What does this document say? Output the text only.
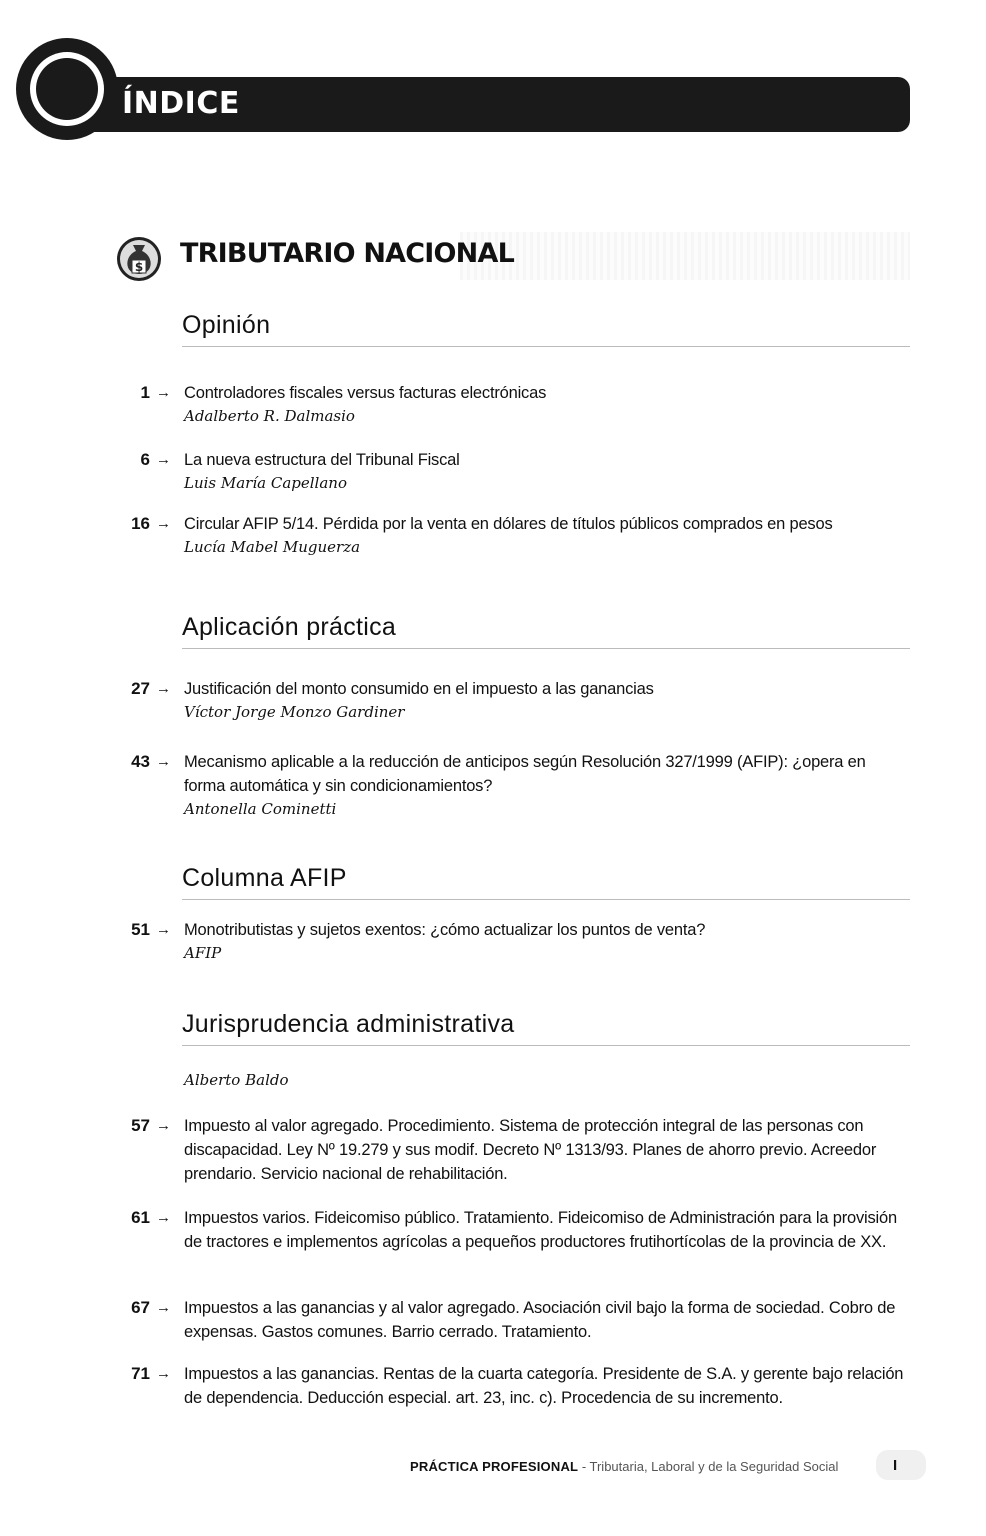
ÍNDICE
$ TRIBUTARIO NACIONAL
Opinión
1 → Controladores fiscales versus facturas electrónicas
Adalberto R. Dalmasio
6 → La nueva estructura del Tribunal Fiscal
Luis María Capellano
16 → Circular AFIP 5/14. Pérdida por la venta en dólares de títulos públicos comprados en pesos
Lucía Mabel Muguerza
Aplicación práctica
27 → Justificación del monto consumido en el impuesto a las ganancias
Víctor Jorge Monzo Gardiner
43 → Mecanismo aplicable a la reducción de anticipos según Resolución 327/1999 (AFIP): ¿opera en forma automática y sin condicionamientos?
Antonella Cominetti
Columna AFIP
51 → Monotributistas y sujetos exentos: ¿cómo actualizar los puntos de venta?
AFIP
Jurisprudencia administrativa
Alberto Baldo
57 → Impuesto al valor agregado. Procedimiento. Sistema de protección integral de las personas con discapacidad. Ley Nº 19.279 y sus modif. Decreto Nº 1313/93. Planes de ahorro previo. Acreedor prendario. Servicio nacional de rehabilitación.
61 → Impuestos varios. Fideicomiso público. Tratamiento. Fideicomiso de Administración para la provisión de tractores e implementos agrícolas a pequeños productores frutihortícolas de la provincia de XX.
67 → Impuestos a las ganancias y al valor agregado. Asociación civil bajo la forma de sociedad. Cobro de expensas. Gastos comunes. Barrio cerrado. Tratamiento.
71 → Impuestos a las ganancias. Rentas de la cuarta categoría. Presidente de S.A. y gerente bajo relación de dependencia. Deducción especial. art. 23, inc. c). Procedencia de su incremento.
PRÁCTICA PROFESIONAL - Tributaria, Laboral y de la Seguridad Social	I
